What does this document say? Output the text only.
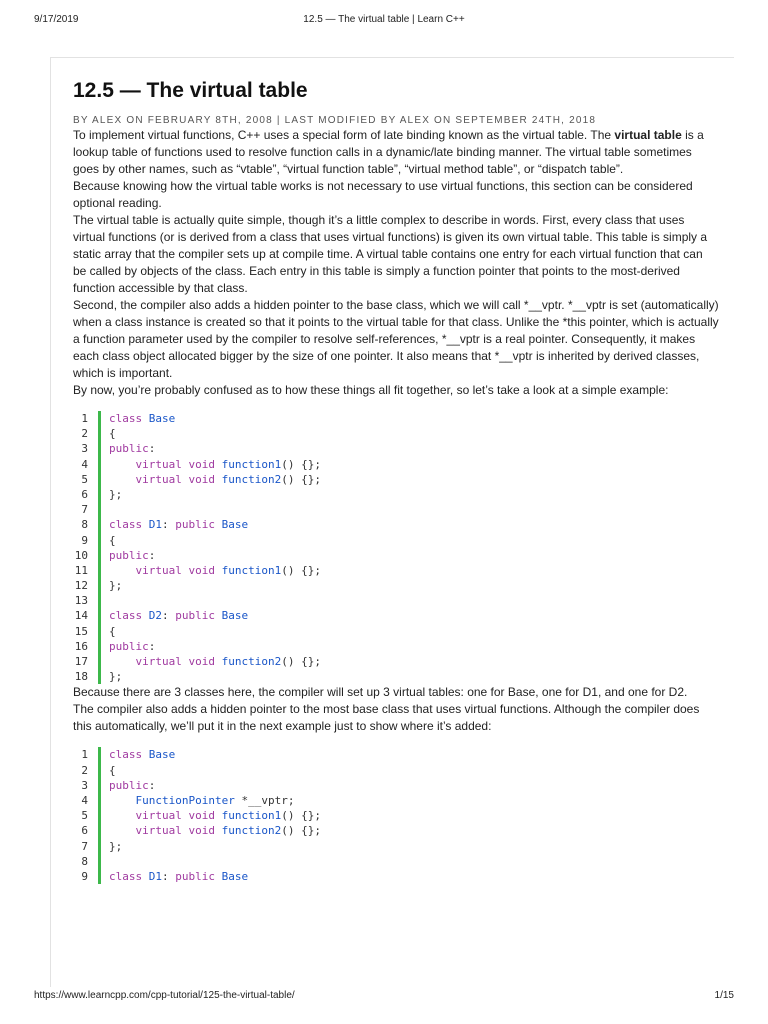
9/17/2019	12.5 — The virtual table | Learn C++
12.5 — The virtual table
BY ALEX ON FEBRUARY 8TH, 2008 | LAST MODIFIED BY ALEX ON SEPTEMBER 24TH, 2018

To implement virtual functions, C++ uses a special form of late binding known as the virtual table. The virtual table is a lookup table of functions used to resolve function calls in a dynamic/late binding manner. The virtual table sometimes goes by other names, such as “vtable”, “virtual function table”, “virtual method table”, or “dispatch table”.

Because knowing how the virtual table works is not necessary to use virtual functions, this section can be considered optional reading.

The virtual table is actually quite simple, though it’s a little complex to describe in words. First, every class that uses virtual functions (or is derived from a class that uses virtual functions) is given its own virtual table. This table is simply a static array that the compiler sets up at compile time. A virtual table contains one entry for each virtual function that can be called by objects of the class. Each entry in this table is simply a function pointer that points to the most-derived function accessible by that class.

Second, the compiler also adds a hidden pointer to the base class, which we will call *__vptr. *__vptr is set (automatically) when a class instance is created so that it points to the virtual table for that class. Unlike the *this pointer, which is actually a function parameter used by the compiler to resolve self-references, *__vptr is a real pointer. Consequently, it makes each class object allocated bigger by the size of one pointer. It also means that *__vptr is inherited by derived classes, which is important.

By now, you’re probably confused as to how these things all fit together, so let’s take a look at a simple example:

1 class Base
2 {
3 public:
4	virtual void function1() {};
5	virtual void function2() {};
6 };
7
8 class D1: public Base
9 {
10 public:
11	virtual void function1() {};
12 };
13
14 class D2: public Base
15 {
16 public:
17	virtual void function2() {};
18 };

Because there are 3 classes here, the compiler will set up 3 virtual tables: one for Base, one for D1, and one for D2.

The compiler also adds a hidden pointer to the most base class that uses virtual functions. Although the compiler does this automatically, we’ll put it in the next example just to show where it’s added:

1 class Base
2 {
3 public:
4	FunctionPointer *__vptr;
5	virtual void function1() {};
6	virtual void function2() {};
7 };
8
9 class D1: public Base
https://www.learncpp.com/cpp-tutorial/125-the-virtual-table/	1/15
